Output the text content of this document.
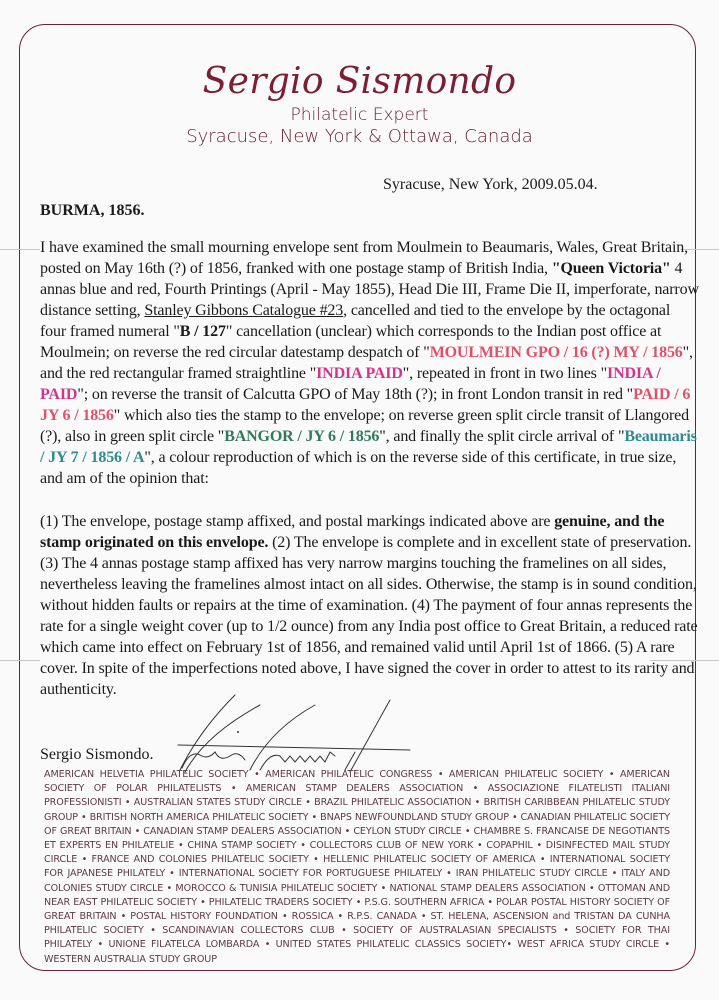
Sergio Sismondo
Philatelic Expert
Syracuse, New York & Ottawa, Canada
Syracuse, New York, 2009.05.04.
BURMA, 1856.
I have examined the small mourning envelope sent from Moulmein to Beaumaris, Wales, Great Britain, posted on May 16th (?) of 1856, franked with one postage stamp of British India, "Queen Victoria" 4 annas blue and red, Fourth Printings (April - May 1855), Head Die III, Frame Die II, imperforate, narrow distance setting, Stanley Gibbons Catalogue #23, cancelled and tied to the envelope by the octagonal four framed numeral "B / 127" cancellation (unclear) which corresponds to the Indian post office at Moulmein; on reverse the red circular datestamp despatch of "MOULMEIN GPO / 16 (?) MY / 1856", and the red rectangular framed straightline "INDIA PAID", repeated in front in two lines "INDIA / PAID"; on reverse the transit of Calcutta GPO of May 18th (?); in front London transit in red "PAID / 6 JY 6 / 1856" which also ties the stamp to the envelope; on reverse green split circle transit of Llangored (?), also in green split circle "BANGOR / JY 6 / 1856", and finally the split circle arrival of "Beaumaris / JY 7 / 1856 / A", a colour reproduction of which is on the reverse side of this certificate, in true size, and am of the opinion that:
(1) The envelope, postage stamp affixed, and postal markings indicated above are genuine, and the stamp originated on this envelope. (2) The envelope is complete and in excellent state of preservation. (3) The 4 annas postage stamp affixed has very narrow margins touching the framelines on all sides, nevertheless leaving the framelines almost intact on all sides. Otherwise, the stamp is in sound condition, without hidden faults or repairs at the time of examination. (4) The payment of four annas represents the rate for a single weight cover (up to 1/2 ounce) from any India post office to Great Britain, a reduced rate which came into effect on February 1st of 1856, and remained valid until April 1st of 1866. (5) A rare cover. In spite of the imperfections noted above, I have signed the cover in order to attest to its rarity and authenticity.
Sergio Sismondo.
AMERICAN HELVETIA PHILATELIC SOCIETY • AMERICAN PHILATELIC CONGRESS • AMERICAN PHILATELIC SOCIETY • AMERICAN SOCIETY OF POLAR PHILATELISTS • AMERICAN STAMP DEALERS ASSOCIATION • ASSOCIAZIONE FILATELISTI ITALIANI PROFESSIONISTI • AUSTRALIAN STATES STUDY CIRCLE • BRAZIL PHILATELIC ASSOCIATION • BRITISH CARIBBEAN PHILATELIC STUDY GROUP • BRITISH NORTH AMERICA PHILATELIC SOCIETY • BNAPS NEWFOUNDLAND STUDY GROUP • CANADIAN PHILATELIC SOCIETY OF GREAT BRITAIN • CANADIAN STAMP DEALERS ASSOCIATION • CEYLON STUDY CIRCLE • CHAMBRE S. FRANCAISE DE NEGOTIANTS ET EXPERTS EN PHILATELIE • CHINA STAMP SOCIETY • COLLECTORS CLUB OF NEW YORK • COPAPHIL • DISINFECTED MAIL STUDY CIRCLE • FRANCE AND COLONIES PHILATELIC SOCIETY • HELLENIC PHILATELIC SOCIETY OF AMERICA • INTERNATIONAL SOCIETY FOR JAPANESE PHILATELY • INTERNATIONAL SOCIETY FOR PORTUGUESE PHILATELY • IRAN PHILATELIC STUDY CIRCLE • ITALY AND COLONIES STUDY CIRCLE • MOROCCO & TUNISIA PHILATELIC SOCIETY • NATIONAL STAMP DEALERS ASSOCIATION • OTTOMAN AND NEAR EAST PHILATELIC SOCIETY • PHILATELIC TRADERS SOCIETY • P.S.G. SOUTHERN AFRICA • POLAR POSTAL HISTORY SOCIETY OF GREAT BRITAIN • POSTAL HISTORY FOUNDATION • ROSSICA • R.P.S. CANADA • ST. HELENA, ASCENSION and TRISTAN DA CUNHA PHILATELIC SOCIETY • SCANDINAVIAN COLLECTORS CLUB • SOCIETY OF AUSTRALASIAN SPECIALISTS • SOCIETY FOR THAI PHILATELY • UNIONE FILATELCA LOMBARDA • UNITED STATES PHILATELIC CLASSICS SOCIETY• WEST AFRICA STUDY CIRCLE • WESTERN AUSTRALIA STUDY GROUP
